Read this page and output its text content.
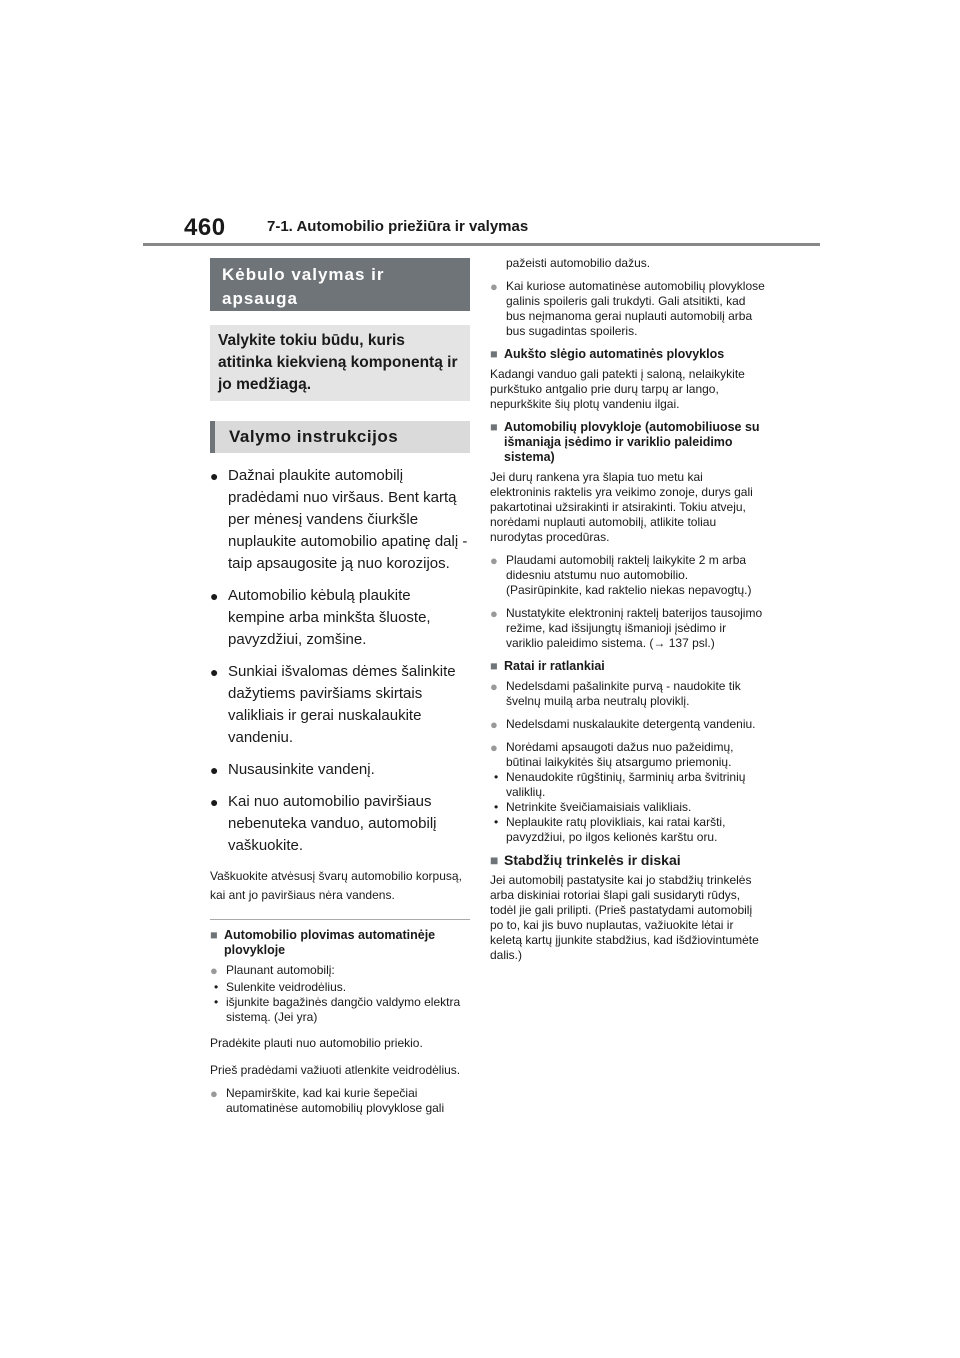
460	7-1. Automobilio priežiūra ir valymas
Kėbulo valymas ir apsauga
Valykite tokiu būdu, kuris atitinka kiekvieną komponentą ir jo medžiagą.
Valymo instrukcijos
● Dažnai plaukite automobilį pradėdami nuo viršaus. Bent kartą per mėnesį vandens čiurkšle nuplaukite automobilio apatinę dalį - taip apsaugosite ją nuo korozijos.
● Automobilio kėbulą plaukite kempine arba minkšta šluoste, pavyzdžiui, zomšine.
● Sunkiai išvalomas dėmes šalinkite dažytiems paviršiams skirtais valikliais ir gerai nuskalaukite vandeniu.
● Nusausinkite vandenį.
● Kai nuo automobilio paviršiaus nebenuteka vanduo, automobilį vaškuokite.
Vaškuokite atvėsusį švarų automobilio korpusą, kai ant jo paviršiaus nėra vandens.
■ Automobilio plovimas automatinėje plovykloje
● Plaunant automobilį:

• Sulenkite veidrodėlius.

• išjunkite bagažinės dangčio valdymo elektra sistemą. (Jei yra)

Pradėkite plauti nuo automobilio priekio.
Prieš pradėdami važiuoti atlenkite veidrodėlius.
● Nepamirškite, kad kai kurie šepečiai automatinėse automobilių plovyklose gali
pažeisti automobilio dažus.
● Kai kuriose automatinėse automobilių plovyklose galinis spoileris gali trukdyti. Gali atsitikti, kad bus neįmanoma gerai nuplauti automobilį arba bus sugadintas spoileris.
■ Aukšto slėgio automatinės plovyklos
Kadangi vanduo gali patekti į saloną, nelaikykite purkštuko antgalio prie durų tarpų ar lango, nepurkškite šių plotų vandeniu ilgai.
■ Automobilių plovykloje (automobiliuose su išmaniąja įsėdimo ir variklio paleidimo sistema)
Jei durų rankena yra šlapia tuo metu kai elektroninis raktelis yra veikimo zonoje, durys gali pakartotinai užsirakinti ir atsirakinti. Tokiu atveju, norėdami nuplauti automobilį, atlikite toliau nurodytas procedūras.
● Plaudami automobilį raktelį laikykite 2 m arba didesniu atstumu nuo automobilio. (Pasirūpinkite, kad raktelio niekas nepavogtų.)
● Nustatykite elektroninį raktelį baterijos tausojimo režime, kad išsijungtų išmanioji įsėdimo ir variklio paleidimo sistema. (→ 137 psl.)
■ Ratai ir ratlankiai
● Nedelsdami pašalinkite purvą - naudokite tik švelnų muilą arba neutralų ploviklį.
● Nedelsdami nuskalaukite detergentą vandeniu.
● Norėdami apsaugoti dažus nuo pažeidimų, būtinai laikykitės šių atsargumo priemonių.

• Nenaudokite rūgštinių, šarminių arba švitrinių valiklių.

• Netrinkite šveičiamaisiais valikliais.

• Neplaukite ratų plovikliais, kai ratai karšti, pavyzdžiui, po ilgos kelionės karštu oru.

■ Stabdžių trinkelės ir diskai
Jei automobilį pastatysite kai jo stabdžių trinkelės arba diskiniai rotoriai šlapi gali susidaryti rūdys, todėl jie gali prilipti. (Prieš pastatydami automobilį po to, kai jis buvo nuplautas, važiuokite lėtai ir keletą kartų įjunkite stabdžius, kad išdžiovintumėte dalis.)
